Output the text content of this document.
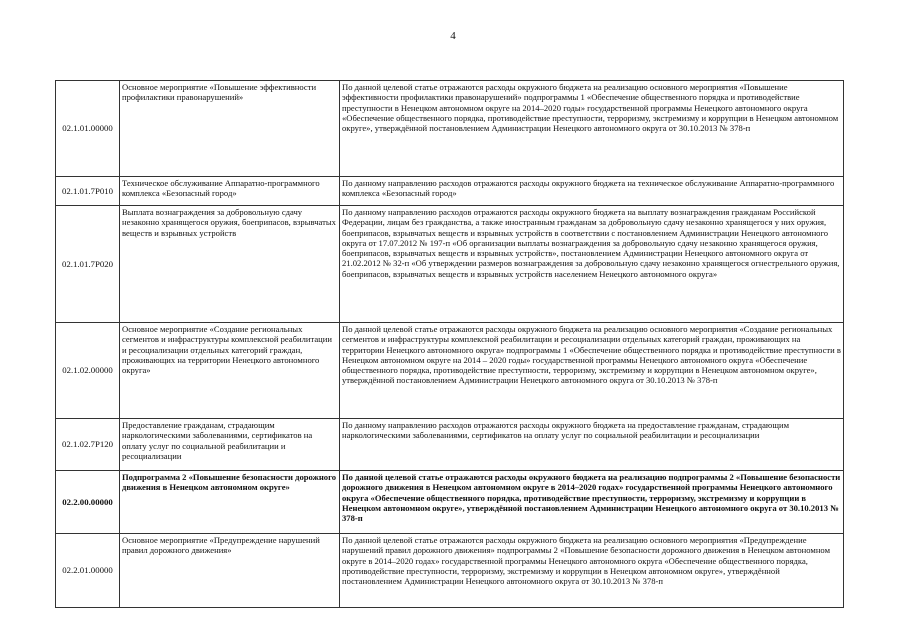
4
02.1.01.00000	Основное мероприятие «Повышение эффективности профилактики правонарушений»	По данной целевой статье отражаются расходы окружного бюджета на реализацию основного мероприятия «Повышение эффективности профилактики правонарушений» подпрограммы 1 «Обеспечение общественного порядка и противодействие преступности в Ненецком автономном округе на 2014–2020 годы» государственной программы Ненецкого автономного округа «Обеспечение общественного порядка, противодействие преступности, терроризму, экстремизму и коррупции в Ненецком автономном округе», утверждённой постановлением Администрации Ненецкого автономного округа от 30.10.2013 № 378-п
02.1.01.7P010	Техническое обслуживание Аппаратно-программного комплекса «Безопасный город»	По данному направлению расходов отражаются расходы окружного бюджета на техническое обслуживание Аппаратно-программного комплекса «Безопасный город»
02.1.01.7P020	Выплата вознаграждения за добровольную сдачу незаконно хранящегося оружия, боеприпасов, взрывчатых веществ и взрывных устройств	По данному направлению расходов отражаются расходы окружного бюджета на выплату вознаграждения гражданам Российской Федерации, лицам без гражданства, а также иностранным гражданам за добровольную сдачу незаконно хранящегося у них оружия, боеприпасов, взрывчатых веществ и взрывных устройств в соответствии с постановлением Администрации Ненецкого автономного округа от 17.07.2012 № 197-п «Об организации выплаты вознаграждения за добровольную сдачу незаконно хранящегося оружия, боеприпасов, взрывчатых веществ и взрывных устройств», постановлением Администрации Ненецкого автономного округа от 21.02.2012 № 32-п «Об утверждении размеров вознаграждения за добровольную сдачу незаконно хранящегося огнестрельного оружия, боеприпасов, взрывчатых веществ и взрывных устройств населением Ненецкого автономного округа»
02.1.02.00000	Основное мероприятие «Создание региональных сегментов и инфраструктуры комплексной реабилитации и ресоциализации отдельных категорий граждан, проживающих на территории Ненецкого автономного округа»	По данной целевой статье отражаются расходы окружного бюджета на реализацию основного мероприятия «Создание региональных сегментов и инфраструктуры комплексной реабилитации и ресоциализации отдельных категорий граждан, проживающих на территории Ненецкого автономного округа» подпрограммы 1 «Обеспечение общественного порядка и противодействие преступности в Ненецком автономном округе на 2014 – 2020 годы» государственной программы Ненецкого автономного округа «Обеспечение общественного порядка, противодействие преступности, терроризму, экстремизму и коррупции в Ненецком автономном округе», утверждённой постановлением Администрации Ненецкого автономного округа от 30.10.2013 № 378-п
02.1.02.7P120	Предоставление гражданам, страдающим наркологическими заболеваниями, сертификатов на оплату услуг по социальной реабилитации и ресоциализации	По данному направлению расходов отражаются расходы окружного бюджета на предоставление гражданам, страдающим наркологическими заболеваниями, сертификатов на оплату услуг по социальной реабилитации и ресоциализации
02.2.00.00000	Подпрограмма 2 «Повышение безопасности дорожного движения в Ненецком автономном округе»	По данной целевой статье отражаются расходы окружного бюджета на реализацию подпрограммы 2 «Повышение безопасности дорожного движения в Ненецком автономном округе в 2014–2020 годах» государственной программы Ненецкого автономного округа «Обеспечение общественного порядка, противодействие преступности, терроризму, экстремизму и коррупции в Ненецком автономном округе», утверждённой постановлением Администрации Ненецкого автономного округа от 30.10.2013 № 378-п
02.2.01.00000	Основное мероприятие «Предупреждение нарушений правил дорожного движения»	По данной целевой статье отражаются расходы окружного бюджета на реализацию основного мероприятия «Предупреждение нарушений правил дорожного движения» подпрограммы 2 «Повышение безопасности дорожного движения в Ненецком автономном округе в 2014–2020 годах» государственной программы Ненецкого автономного округа «Обеспечение общественного порядка, противодействие преступности, терроризму, экстремизму и коррупции в Ненецком автономном округе», утверждённой постановлением Администрации Ненецкого автономного округа от 30.10.2013 № 378-п
